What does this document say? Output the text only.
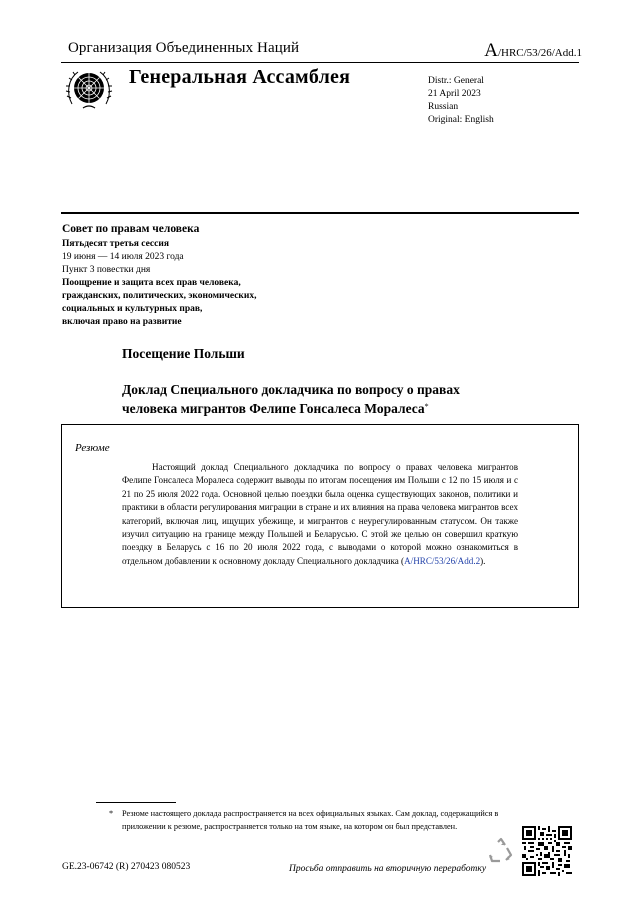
Организация Объединенных Наций	A/HRC/53/26/Add.1
Генеральная Ассамблея	Distr.: General
21 April 2023
Russian
Original: English
Совет по правам человека
Пятьдесят третья сессия
19 июня — 14 июля 2023 года
Пункт 3 повестки дня
Поощрение и защита всех прав человека,
гражданских, политических, экономических,
социальных и культурных прав,
включая право на развитие
Посещение Польши
Доклад Специального докладчика по вопросу о правах
человека мигрантов Фелипе Гонсалеса Моралеса*
Резюме

Настоящий доклад Специального докладчика по вопросу о правах человека мигрантов Фелипе Гонсалеса Моралеса содержит выводы по итогам посещения им Польши с 12 по 15 июля и с 21 по 25 июля 2022 года. Основной целью поездки была оценка существующих законов, политики и практики в области регулирования миграции в стране и их влияния на права человека мигрантов всех категорий, включая лиц, ищущих убежище, и мигрантов с неурегулированным статусом. Он также изучил ситуацию на границе между Польшей и Беларусью. С этой же целью он совершил краткую поездку в Беларусь с 16 по 20 июля 2022 года, с выводами о которой можно ознакомиться в отдельном добавлении к основному докладу Специального докладчика (A/HRC/53/26/Add.2).

* Резюме настоящего доклада распространяется на всех официальных языках. Сам доклад, содержащийся в приложении к резюме, распространяется только на том языке, на котором он был представлен.
GE.23-06742 (R) 270423 080523	Просьба отправить на вторичную переработку
